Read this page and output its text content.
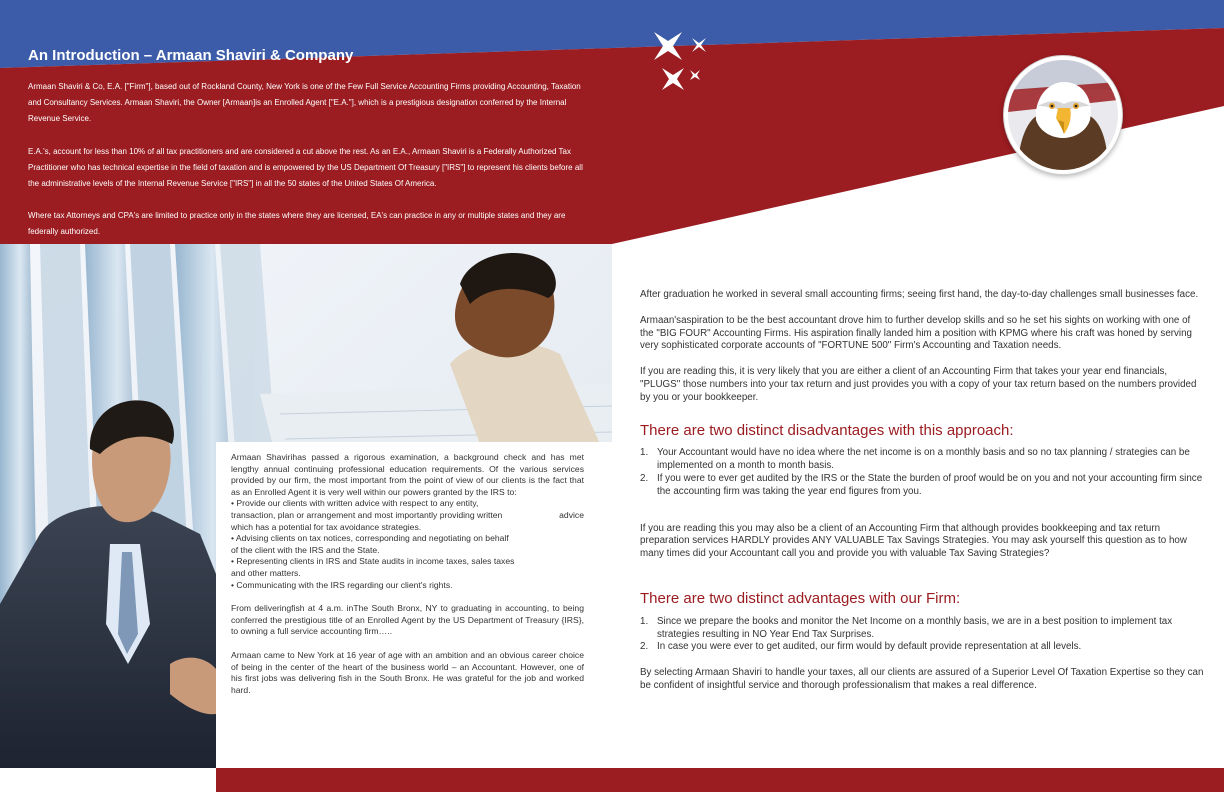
An Introduction – Armaan Shaviri & Company

Armaan Shaviri & Co, E.A. ["Firm"], based out of Rockland County, New York is one of the Few Full Service Accounting Firms providing Accounting, Taxation and Consultancy Services. Armaan Shaviri, the Owner [Armaan]is an Enrolled Agent ["E.A."], which is a prestigious designation conferred by the Internal Revenue Service.

E.A.'s, account for less than 10% of all tax practitioners and are considered a cut above the rest. As an E.A., Armaan Shaviri is a Federally Authorized Tax Practitioner who has technical expertise in the field of taxation and is empowered by the US Department Of Treasury ["IRS"] to represent his clients before all the administrative levels of the Internal Revenue Service ["IRS"] in all the 50 states of the United States Of America.

Where tax Attorneys and CPA's are limited to practice only in the states where they are licensed, EA's can practice in any or multiple states and they are federally authorized.

Armaan Shavirihas passed a rigorous examination, a background check and has met lengthy annual continuing professional education requirements. Of the various services provided by our firm, the most important from the point of view of our clients is the fact that as an Enrolled Agent it is very well within our powers granted by the IRS to:
• Provide our clients with written advice with respect to any entity,
transaction, plan or arrangement and most importantly providing written	advice
which has a potential for tax avoidance strategies.
• Advising clients on tax notices, corresponding and negotiating on behalf
of the client with the IRS and the State.
• Representing clients in IRS and State audits in income taxes, sales taxes
and other matters.
• Communicating with the IRS regarding our client's rights.
From deliveringfish at 4 a.m. inThe South Bronx, NY to graduating in accounting, to being conferred the prestigious title of an Enrolled Agent by the US Department of Treasury {IRS}, to owning a full service accounting firm…..
Armaan came to New York at 16 year of age with an ambition and an obvious career choice of being in the center of the heart of the business world – an Accountant. However, one of his first jobs was delivering fish in the South Bronx. He was grateful for the job and worked hard.

After graduation he worked in several small accounting firms; seeing first hand, the day-to-day challenges small businesses face.

Armaan'saspiration to be the best accountant drove him to further develop skills and so he set his sights on working with one of the "BIG FOUR" Accounting Firms. His aspiration finally landed him a position with KPMG where his craft was honed by serving very sophisticated corporate accounts of "FORTUNE 500" Firm's Accounting and Taxation needs.

If you are reading this, it is very likely that you are either a client of an Accounting Firm that takes your year end financials, "PLUGS" those numbers into your tax return and just provides you with a copy of your tax return based on the numbers provided by you or your bookkeeper.

There are two distinct disadvantages with this approach:
1. Your Accountant would have no idea where the net income is on a monthly basis and so no tax planning / strategies can be implemented on a month to month basis.
2. If you were to ever get audited by the IRS or the State the burden of proof would be on you and not your accounting firm since the accounting firm was taking the year end figures from you.

If you are reading this you may also be a client of an Accounting Firm that although provides bookkeeping and tax return preparation services HARDLY provides ANY VALUABLE Tax Savings Strategies. You may ask yourself this question as to how many times did your Accountant call you and provide you with valuable Tax Saving Strategies?

There are two distinct advantages with our Firm:
1. Since we prepare the books and monitor the Net Income on a monthly basis, we are in a best position to implement tax strategies resulting in NO Year End Tax Surprises.
2. In case you were ever to get audited, our firm would by default provide representation at all levels.

By selecting Armaan Shaviri to handle your taxes, all our clients are assured of a Superior Level Of Taxation Expertise so they can be confident of insightful service and thorough professionalism that makes a real difference.
